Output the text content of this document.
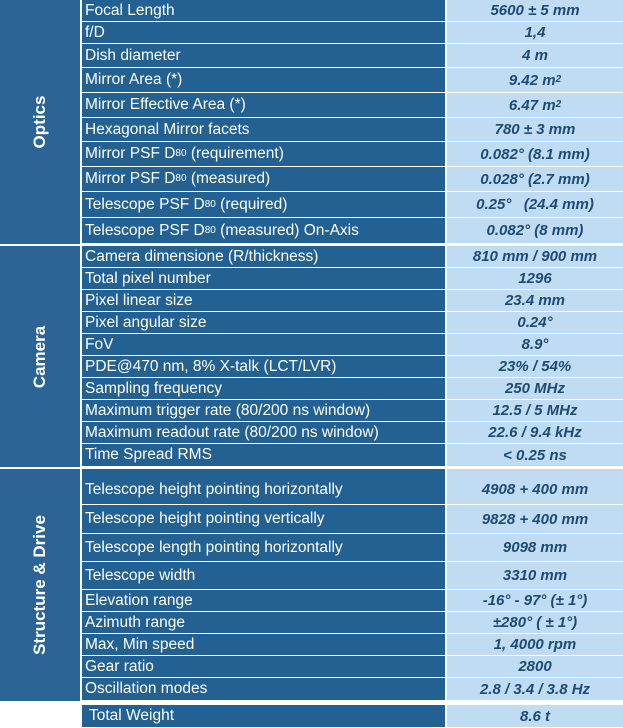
Optics
Focal Length	5600 ± 5 mm
f/D	1,4
Dish diameter	4 m
Mirror Area (*)	9.42 m 2
Mirror Effective Area (*)	6.47 m 2
Hexagonal Mirror facets	780 ± 3 mm
Mirror PSF D 80 (requirement)	0.082° (8.1 mm)
Mirror PSF D 80 (measured)	0.028° (2.7 mm)
Telescope PSF D 80 (required)	0.25°   (24.4 mm)
Telescope PSF D 80 (measured) On-Axis	0.082° (8 mm)
Camera
Camera dimensione (R/thickness)	810 mm / 900 mm
Total pixel number	1296
Pixel linear size	23.4 mm
Pixel angular size	0.24°
FoV	8.9°
PDE@470 nm, 8% X-talk (LCT/LVR)	23% / 54%
Sampling frequency	250 MHz
Maximum trigger rate (80/200 ns window)	12.5 / 5 MHz
Maximum readout rate (80/200 ns window)	22.6 / 9.4 kHz
Time Spread RMS	< 0.25 ns
Structure & Drive
Telescope height pointing horizontally	4908 + 400 mm
Telescope height pointing vertically	9828 + 400 mm
Telescope length pointing horizontally	9098 mm
Telescope width	3310 mm
Elevation range	-16° - 97° (± 1°)
Azimuth range	±280° ( ± 1°)
Max, Min speed	1, 4000 rpm
Gear ratio	2800
Oscillation modes	2.8 / 3.4 / 3.8 Hz
Total Weight	8.6 t
